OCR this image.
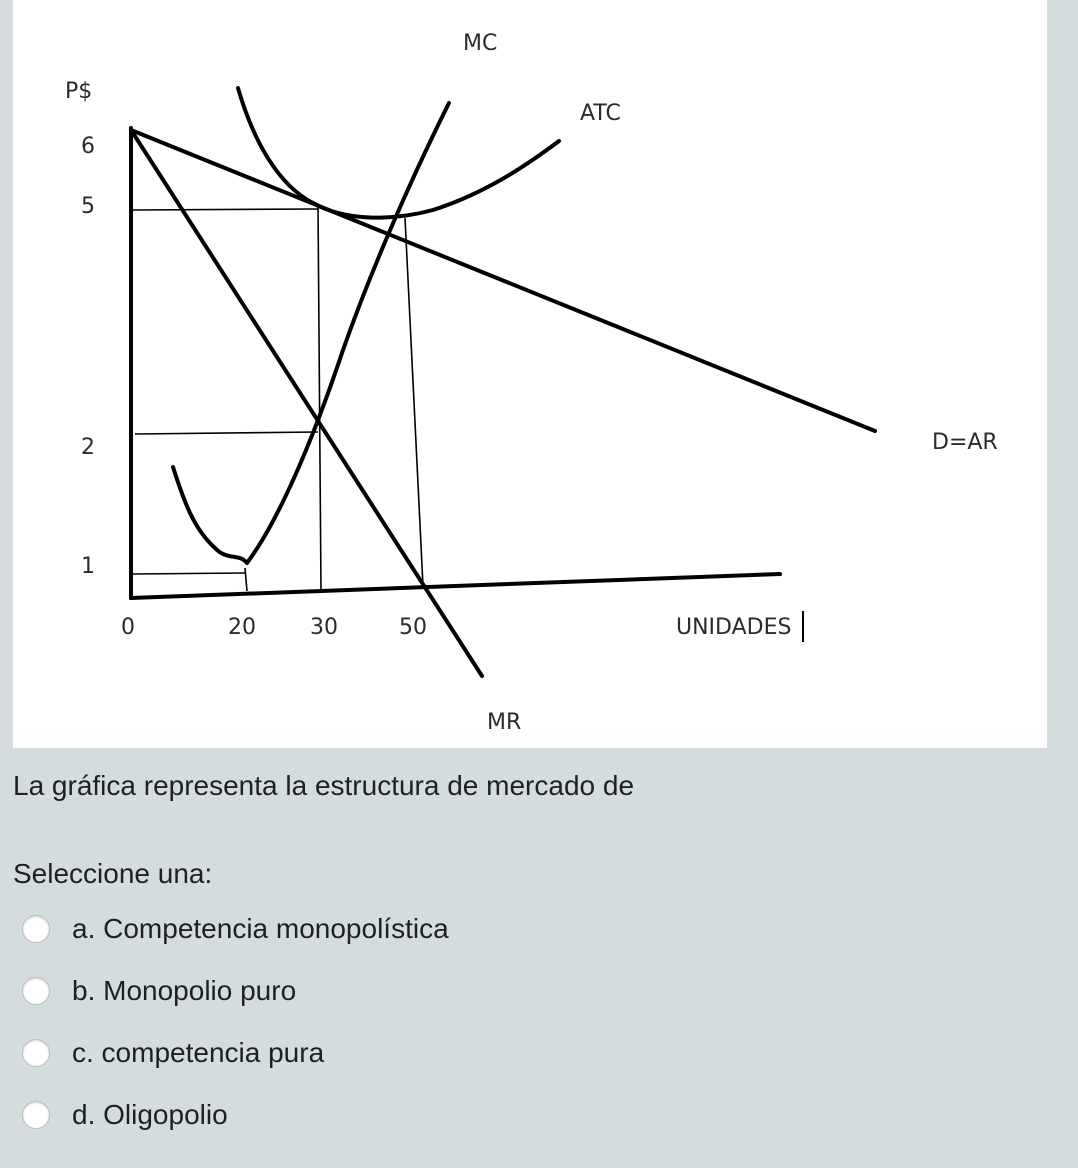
P$
6
5
2
1
0	20 30	50	UNIDADES
MC
ATC
D=AR
MR

La gráfica representa la estructura de mercado de

Seleccione una:

a. Competencia monopolística
b. Monopolio puro
c. competencia pura
d. Oligopolio
